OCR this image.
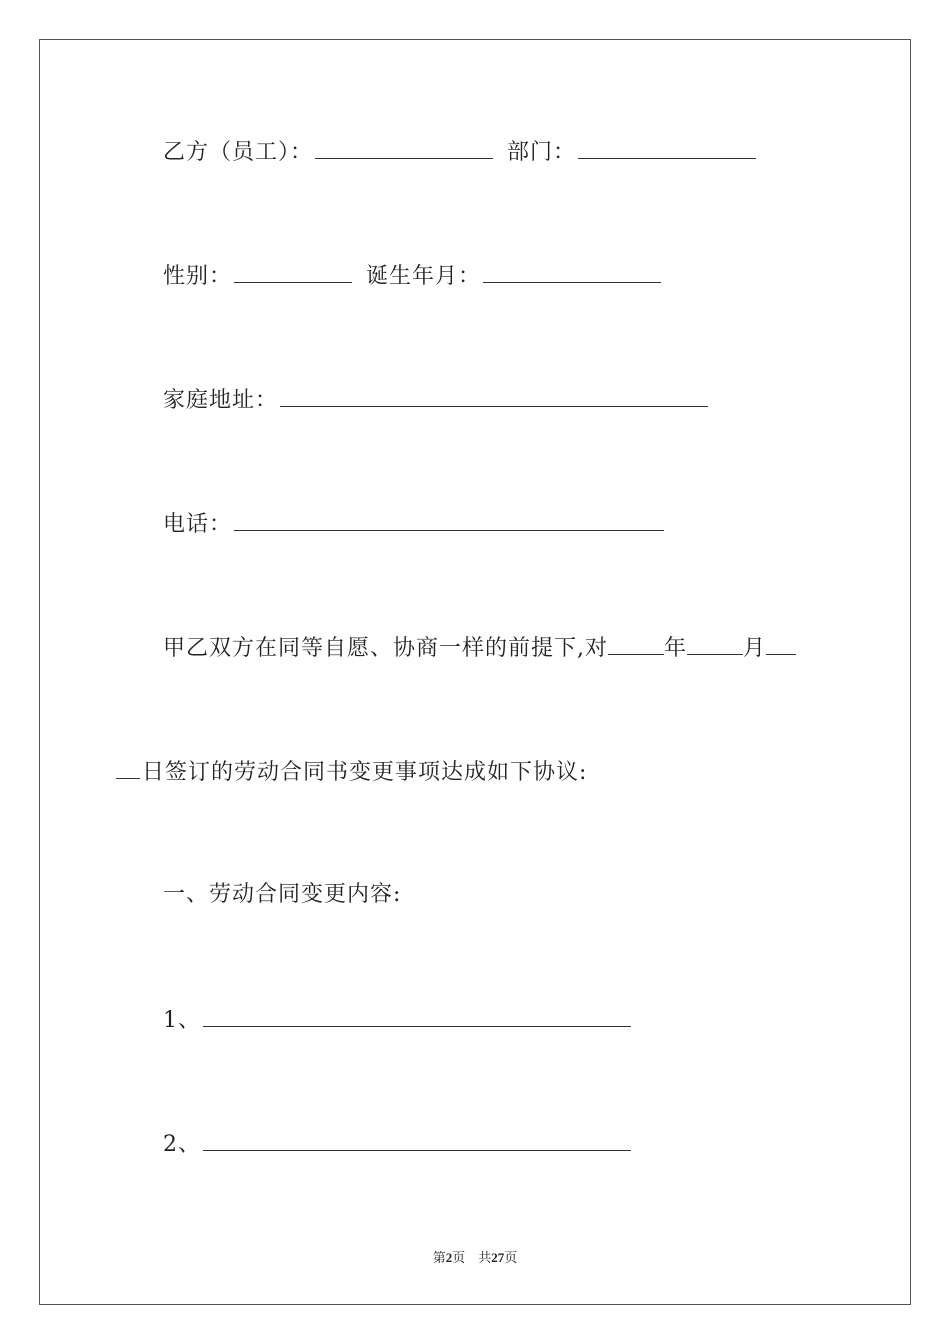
乙方（员工）：	部门：
性别：	诞生年月：
家庭地址：
电话：
甲乙双方在同等自愿、协商一样的前提下,对	年	月
日签订的劳动合同书变更事项达成如下协议:
一、劳动合同变更内容:
1、
2、
第2页　共27页
